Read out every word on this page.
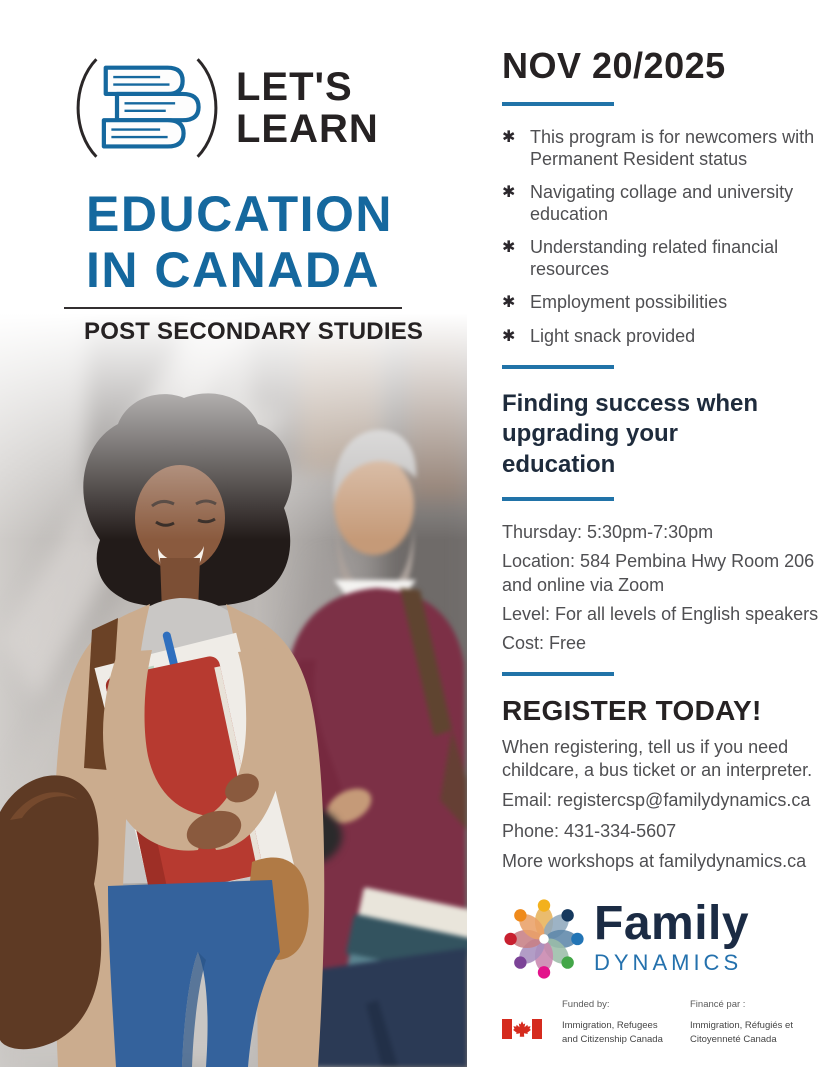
LET'S
LEARN
EDUCATION
IN CANADA
POST SECONDARY STUDIES
NOV 20/2025
✱ This program is for newcomers with Permanent Resident status
✱ Navigating collage and university education
✱ Understanding related financial resources
✱ Employment possibilities
✱ Light snack provided
Finding success when upgrading your education

Thursday: 5:30pm-7:30pm

Location: 584 Pembina Hwy Room 206 and online via Zoom

Level: For all levels of English speakers

Cost: Free

REGISTER TODAY!

When registering, tell us if you need childcare, a bus ticket or an interpreter.

Email: registercsp@familydynamics.ca

Phone: 431-334-5607

More workshops at familydynamics.ca

Family
DYNAMICS
Funded by:	Financé par :
Immigration, Refugees and Citizenship Canada
Immigration, Réfugiés et Citoyenneté Canada
